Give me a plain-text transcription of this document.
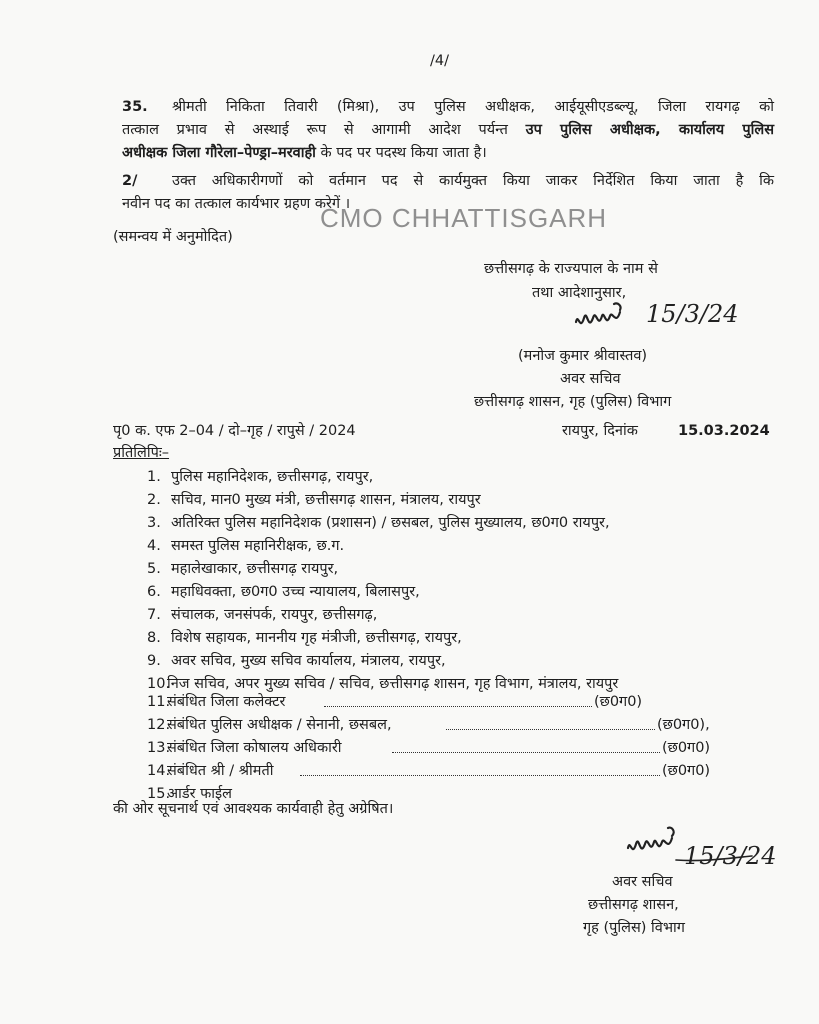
/4/
35. श्रीमती निकिता तिवारी (मिश्रा), उप पुलिस अधीक्षक, आईयूसीएडब्ल्यू, जिला रायगढ़ को
तत्काल प्रभाव से अस्थाई रूप से आगामी आदेश पर्यन्त उप पुलिस अधीक्षक, कार्यालय पुलिस
अधीक्षक जिला गौरेला–पेण्ड्रा–मरवाही के पद पर पदस्थ किया जाता है।
2/ उक्त अधिकारीगणों को वर्तमान पद से कार्यमुक्त किया जाकर निर्देशित किया जाता है कि
नवीन पद का तत्काल कार्यभार ग्रहण करेगें ।
CMO CHHATTISGARH
(समन्वय में अनुमोदित)
छत्तीसगढ़ के राज्यपाल के नाम से
तथा आदेशानुसार,
15/3/24
(मनोज कुमार श्रीवास्तव)
अवर सचिव
छत्तीसगढ़ शासन, गृह (पुलिस) विभाग
पृ0 क. एफ 2–04 / दो–गृह / रापुसे / 2024	रायपुर, दिनांक	15.03.2024
प्रतिलिपिः–
1. पुलिस महानिदेशक, छत्तीसगढ़, रायपुर,
2. सचिव, मान0 मुख्य मंत्री, छत्तीसगढ़ शासन, मंत्रालय, रायपुर
3. अतिरिक्त पुलिस महानिदेशक (प्रशासन) / छसबल, पुलिस मुख्यालय, छ0ग0 रायपुर,
4. समस्त पुलिस महानिरीक्षक, छ.ग.
5. महालेखाकार, छत्तीसगढ़ रायपुर,
6. महाधिवक्ता, छ0ग0 उच्च न्यायालय, बिलासपुर,
7. संचालक, जनसंपर्क, रायपुर, छत्तीसगढ़,
8. विशेष सहायक, माननीय गृह मंत्रीजी, छत्तीसगढ़, रायपुर,
9. अवर सचिव, मुख्य सचिव कार्यालय, मंत्रालय, रायपुर,
10.निज सचिव, अपर मुख्य सचिव / सचिव, छत्तीसगढ़ शासन, गृह विभाग, मंत्रालय, रायपुर
11.संबंधित जिला कलेक्टर	(छ0ग0)
12.संबंधित पुलिस अधीक्षक / सेनानी, छसबल,	(छ0ग0),
13.संबंधित जिला कोषालय अधिकारी	(छ0ग0)
14.संबंधित श्री / श्रीमती	(छ0ग0)
15.आर्डर फाईल
की ओर सूचनार्थ एवं आवश्यक कार्यवाही हेतु अग्रेषित।
15/3/24
अवर सचिव
छत्तीसगढ़ शासन,
गृह (पुलिस) विभाग
